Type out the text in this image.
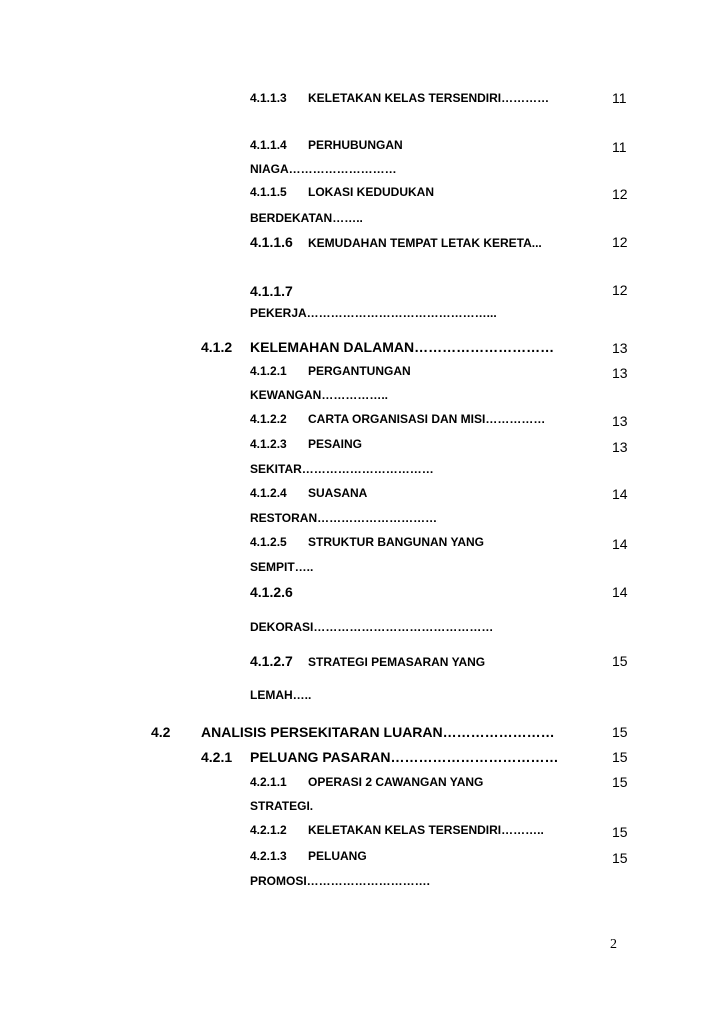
4.1.1.3 KELETAKAN KELAS TERSENDIRI…………	11
4.1.1.4 PERHUBUNGAN	11
NIAGA………………………
4.1.1.5 LOKASI KEDUDUKAN	12
BERDEKATAN……..
4.1.1.6 KEMUDAHAN TEMPAT LETAK KERETA...	12
4.1.1.7	12
PEKERJA………………………………………...
4.1.2 KELEMAHAN DALAMAN…………………………	13
4.1.2.1 PERGANTUNGAN	13
KEWANGAN……………..
4.1.2.2 CARTA ORGANISASI DAN MISI……………	13
4.1.2.3 PESAING	13
SEKITAR……………………………
4.1.2.4 SUASANA	14
RESTORAN…………………………
4.1.2.5 STRUKTUR BANGUNAN YANG	14
SEMPIT…..
4.1.2.6	14
DEKORASI………………………………………
4.1.2.7 STRATEGI PEMASARAN YANG	15
LEMAH…..
4.2 ANALISIS PERSEKITARAN LUARAN……………………	15
4.2.1 PELUANG PASARAN………………………………	15
4.2.1.1 OPERASI 2 CAWANGAN YANG	15
STRATEGI.
4.2.1.2 KELETAKAN KELAS TERSENDIRI………..	15
4.2.1.3 PELUANG	15
PROMOSI………………………….
2
